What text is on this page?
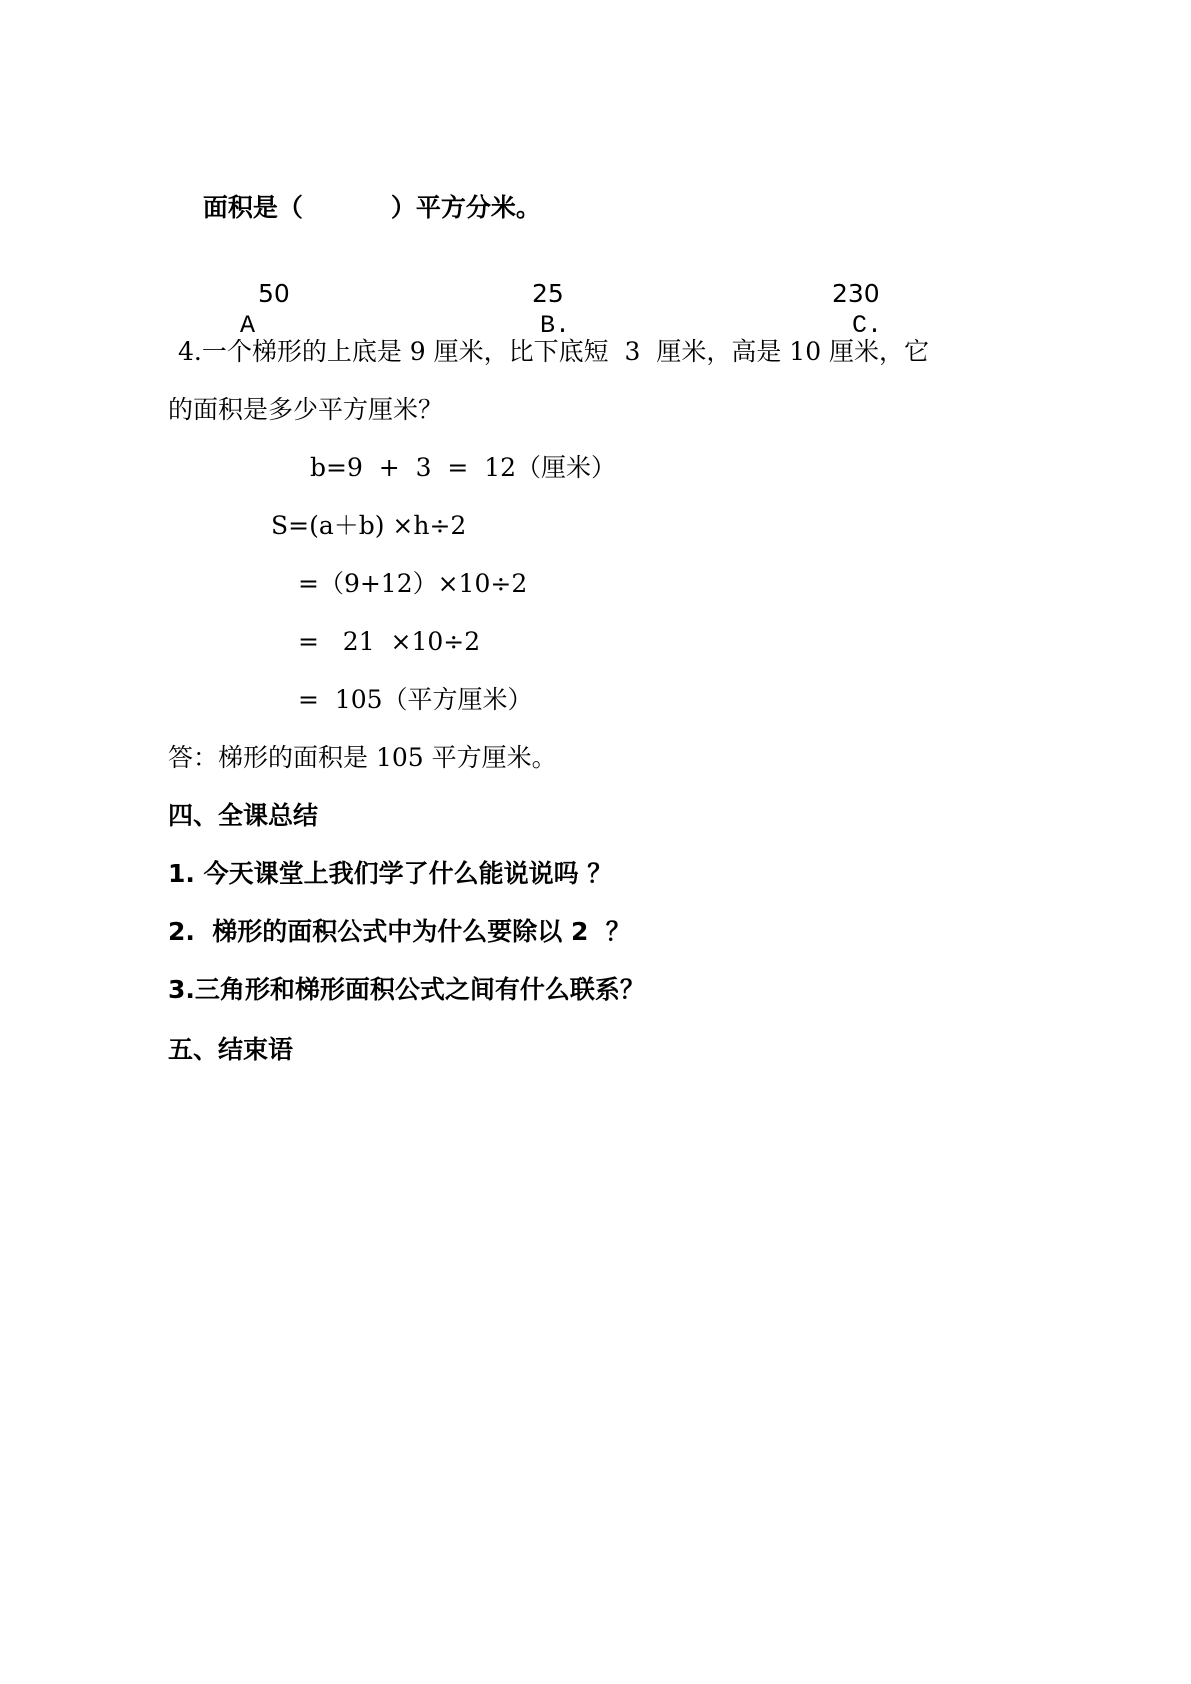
面积是（	）平方分米。

A

50

B.

25

C.

230
4.一个梯形的上底是 9 厘米，比下底短  3  厘米，高是 10 厘米，它
的面积是多少平方厘米？
b=9  +  3  =  12（厘米）
S=(a＋b) ×h÷2
=（9+12）×10÷2
=   21  ×10÷2
=  105（平方厘米）
答：梯形的面积是 105 平方厘米。
四、全课总结
1. 今天课堂上我们学了什么能说说吗 ？
2.  梯形的面积公式中为什么要除以 2  ？
3.三角形和梯形面积公式之间有什么联系？
五、结束语
